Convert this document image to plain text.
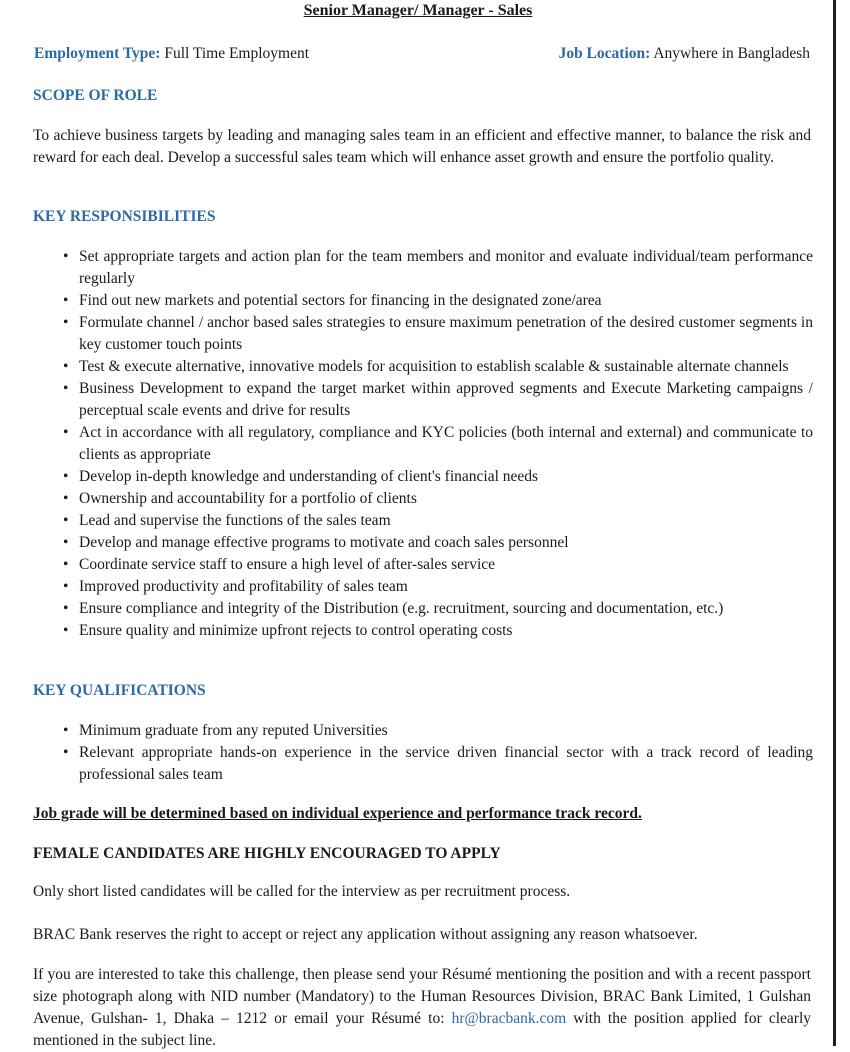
Senior Manager/ Manager - Sales
Employment Type: Full Time Employment	Job Location: Anywhere in Bangladesh
SCOPE OF ROLE
To achieve business targets by leading and managing sales team in an efficient and effective manner, to balance the risk and reward for each deal. Develop a successful sales team which will enhance asset growth and ensure the portfolio quality.
KEY RESPONSIBILITIES
• Set appropriate targets and action plan for the team members and monitor and evaluate individual/team performance regularly
• Find out new markets and potential sectors for financing in the designated zone/area
• Formulate channel / anchor based sales strategies to ensure maximum penetration of the desired customer segments in key customer touch points
• Test & execute alternative, innovative models for acquisition to establish scalable & sustainable alternate channels
• Business Development to expand the target market within approved segments and Execute Marketing campaigns / perceptual scale events and drive for results
• Act in accordance with all regulatory, compliance and KYC policies (both internal and external) and communicate to clients as appropriate
• Develop in-depth knowledge and understanding of client's financial needs
• Ownership and accountability for a portfolio of clients
• Lead and supervise the functions of the sales team
• Develop and manage effective programs to motivate and coach sales personnel
• Coordinate service staff to ensure a high level of after-sales service
• Improved productivity and profitability of sales team
• Ensure compliance and integrity of the Distribution (e.g. recruitment, sourcing and documentation, etc.)
• Ensure quality and minimize upfront rejects to control operating costs
KEY QUALIFICATIONS
• Minimum graduate from any reputed Universities
• Relevant appropriate hands-on experience in the service driven financial sector with a track record of leading professional sales team
Job grade will be determined based on individual experience and performance track record.
FEMALE CANDIDATES ARE HIGHLY ENCOURAGED TO APPLY
Only short listed candidates will be called for the interview as per recruitment process.
BRAC Bank reserves the right to accept or reject any application without assigning any reason whatsoever.
If you are interested to take this challenge, then please send your Résumé mentioning the position and with a recent passport size photograph along with NID number (Mandatory) to the Human Resources Division, BRAC Bank Limited, 1 Gulshan Avenue, Gulshan- 1, Dhaka – 1212 or email your Résumé to: hr@bracbank.com with the position applied for clearly mentioned in the subject line.
